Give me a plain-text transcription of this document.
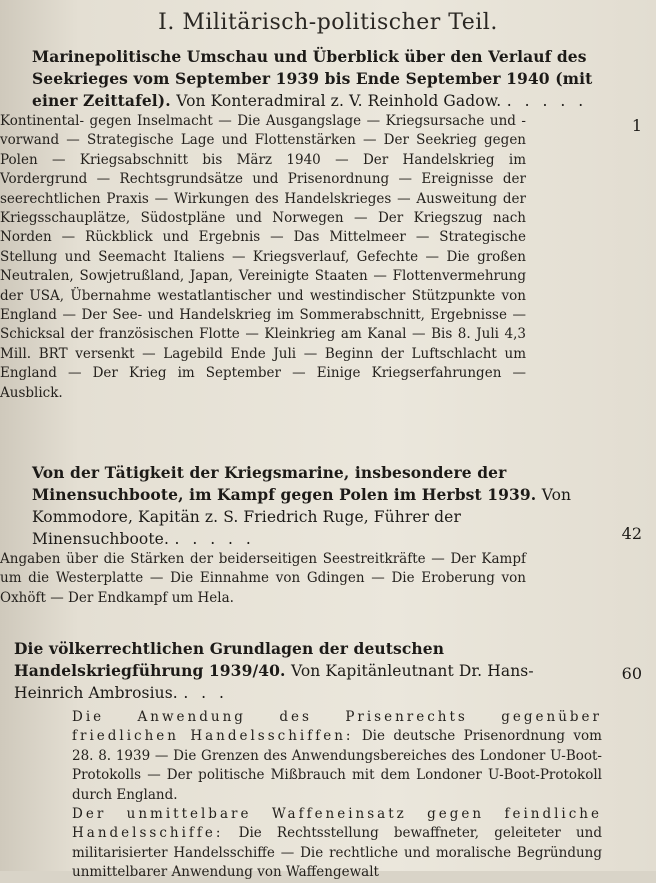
I. Militärisch-politischer Teil.

Marinepolitische Umschau und Überblick über den Verlauf des Seekrieges vom September 1939 bis Ende September 1940 (mit einer Zeittafel). Von Konteradmiral z. V. Reinhold Gadow. . . . . .

1

Kontinental- gegen Inselmacht — Die Ausgangslage — Kriegsursache und -vorwand — Strategische Lage und Flottenstärken — Der Seekrieg gegen Polen — Kriegsabschnitt bis März 1940 — Der Handelskrieg im Vordergrund — Rechtsgrundsätze und Prisenordnung — Ereignisse der seerechtlichen Praxis — Wirkungen des Handelskrieges — Ausweitung der Kriegsschauplätze, Südostpläne und Norwegen — Der Kriegszug nach Norden — Rückblick und Ergebnis — Das Mittelmeer — Strategische Stellung und Seemacht Italiens — Kriegsverlauf, Gefechte — Die großen Neutralen, Sowjetrußland, Japan, Vereinigte Staaten — Flottenvermehrung der USA, Übernahme westatlantischer und westindischer Stützpunkte von England — Der See- und Handelskrieg im Sommerabschnitt, Ergebnisse — Schicksal der französischen Flotte — Kleinkrieg am Kanal — Bis 8. Juli 4,3 Mill. BRT versenkt — Lagebild Ende Juli — Beginn der Luftschlacht um England — Der Krieg im September — Einige Kriegserfahrungen — Ausblick.

Von der Tätigkeit der Kriegsmarine, insbesondere der Minensuchboote, im Kampf gegen Polen im Herbst 1939. Von Kommodore, Kapitän z. S. Friedrich Ruge, Führer der Minensuchboote. . . . . .	42

Angaben über die Stärken der beiderseitigen Seestreitkräfte — Der Kampf um die Westerplatte — Die Einnahme von Gdingen — Die Eroberung von Oxhöft — Der Endkampf um Hela.

Die völkerrechtlichen Grundlagen der deutschen Handelskriegführung 1939/40. Von Kapitänleutnant Dr. Hans-Heinrich Ambrosius. . . .

60

Die Anwendung des Prisenrechts gegenüber friedlichen Handelsschiffen: Die deutsche Prisenordnung vom 28. 8. 1939 — Die Grenzen des Anwendungsbereiches des Londoner U-Boot-Protokolls — Der politische Mißbrauch mit dem Londoner U-Boot-Protokoll durch England.

Der unmittelbare Waffeneinsatz gegen feindliche Handelsschiffe: Die Rechtsstellung bewaffneter, geleiteter und militarisierter Handelsschiffe — Die rechtliche und moralische Begründung unmittelbarer Anwendung von Waffengewalt
